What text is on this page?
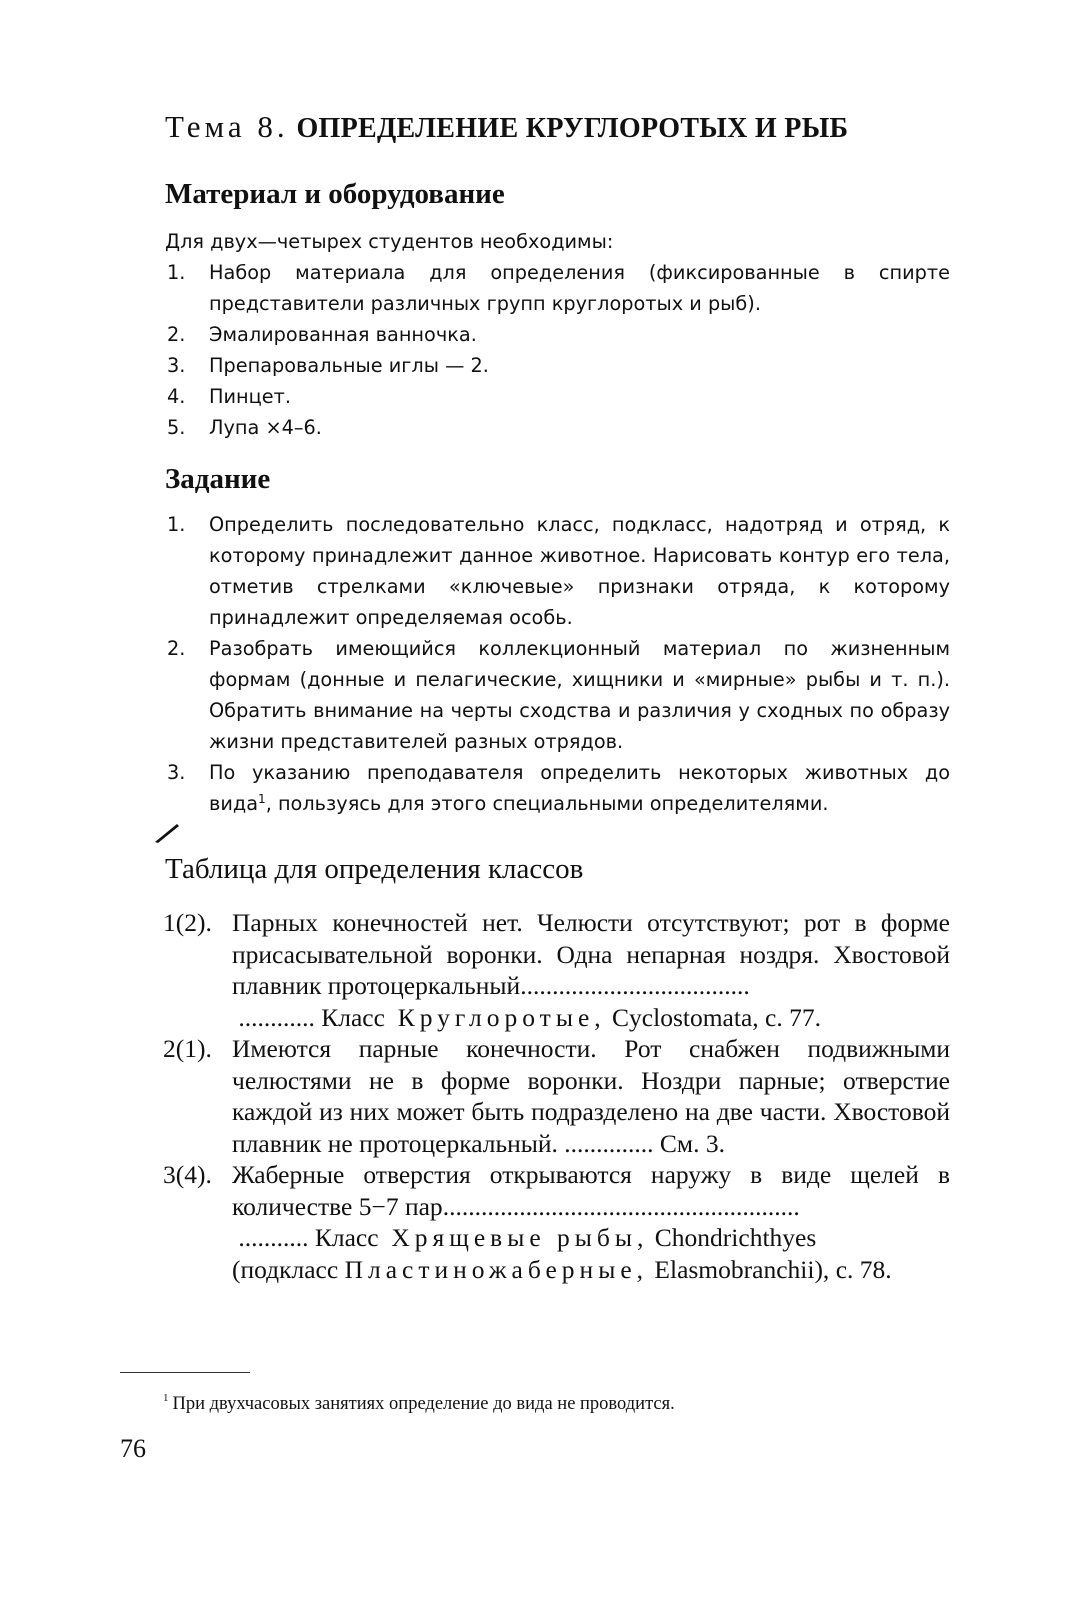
Тема 8. ОПРЕДЕЛЕНИЕ КРУГЛОРОТЫХ И РЫБ
Материал и оборудование
Для двух—четырех студентов необходимы:
1. Набор материала для определения (фиксированные в спирте представители различных групп круглоротых и рыб).
2. Эмалированная ванночка.
3. Препаровальные иглы — 2.
4. Пинцет.
5. Лупа ×4–6.
Задание
1. Определить последовательно класс, подкласс, надотряд и отряд, к которому принадлежит данное животное. Нарисовать контур его тела, отметив стрелками «ключевые» признаки отряда, к которому принадлежит определяемая особь.
2. Разобрать имеющийся коллекционный материал по жизненным формам (донные и пелагические, хищники и «мирные» рыбы и т. п.). Обратить внимание на черты сходства и различия у сходных по образу жизни представителей разных отрядов.
3. По указанию преподавателя определить некоторых животных до вида$^1$, пользуясь для этого специальными определителями.
Таблица для определения классов
1(2). Парных конечностей нет. Челюсти отсутствуют; рот в форме присасывательной воронки. Одна непарная ноздря. Хвостовой плавник протоцеркальный....................................
............ Класс Круглоротые, Cyclostomata, с. 77.
2(1). Имеются парные конечности. Рот снабжен подвижными челюстями не в форме воронки. Ноздри парные; отверстие каждой из них может быть подразделено на две части. Хвостовой плавник не протоцеркальный. .............. См. 3.
3(4). Жаберные отверстия открываются наружу в виде щелей в количестве 5−7 пар........................................................
........... Класс Хрящевые рыбы, Chondrichthyes
(подкласс Пластиножаберные, Elasmobranchii), с. 78.
$^1$ При двухчасовых занятиях определение до вида не проводится.
76
